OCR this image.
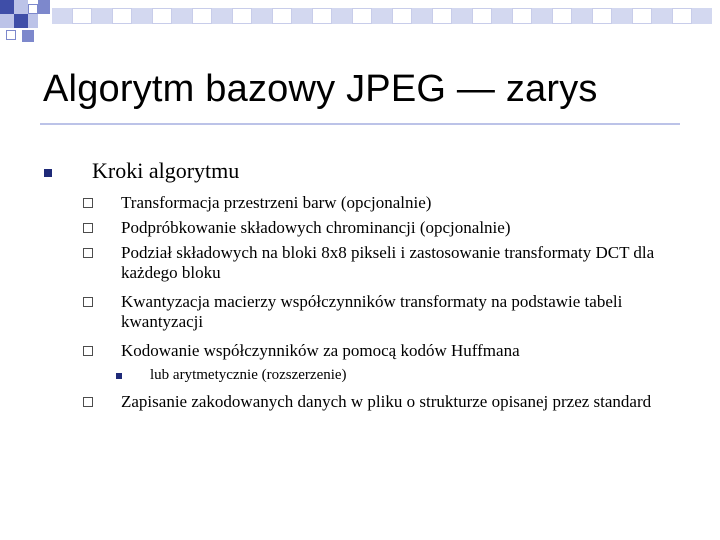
Algorytm bazowy JPEG — zarys
Kroki algorytmu
Transformacja przestrzeni barw (opcjonalnie)
Podpróbkowanie składowych chrominancji (opcjonalnie)
Podział składowych na bloki 8x8 pikseli i zastosowanie transformaty DCT dla każdego bloku
Kwantyzacja macierzy współczynników transformaty na podstawie tabeli kwantyzacji
Kodowanie współczynników za pomocą kodów Huffmana
lub arytmetycznie (rozszerzenie)
Zapisanie zakodowanych danych w pliku o strukturze opisanej przez standard
